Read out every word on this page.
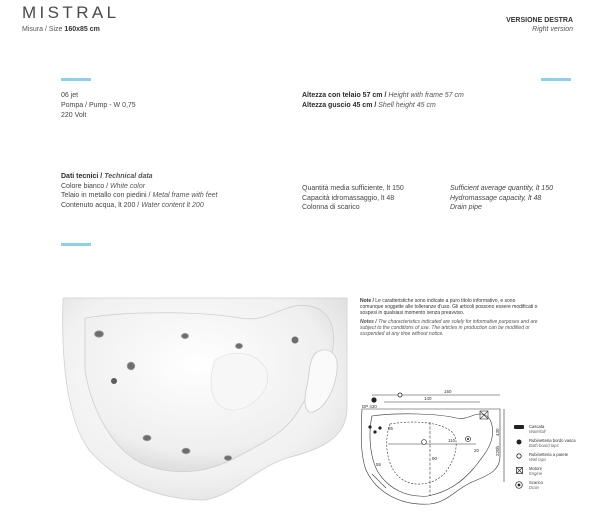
MISTRAL
Misura / Size 160x85 cm
VERSIONE DESTRA
Right version
06 jet
Pompa / Pump - W 0,75
220 Volt
Altezza con telaio 57 cm / Height with frame 57 cm
Altezza guscio 45 cm / Shell height 45 cm
Dati tecnici / Technical data
Colore bianco / White color
Telaio in metallo con piedini / Metal frame with feet
Contenuto acqua, lt 200 / Water content lt 200
Quantità media sufficiente, lt 150
Capacità idromassaggio, lt 48
Colonna di scarico
Sufficient average quantity, lt 150
Hydromassage capacity, lt 48
Drain pipe

Note / Le caratteristiche sono indicate a puro titolo informativo, e sono comunque soggette alle tolleranze d'uso. Gli articoli possono essere modificati o sospesi in qualsiasi momento senza preavviso.

Notes / The characteristics indicated are solely for informative purposes and are subject to the conditions of use. The articles in production can be modified or suspended at any time without notice.

160
140
DP 430
85
90
110
20
55
220h
430
Cascata
Waterfall
Rubinetteria bordo vasca
Bath-board taps
Rubinetteria a parete
Wall taps
Motore
Engine
Scarico
Drain
